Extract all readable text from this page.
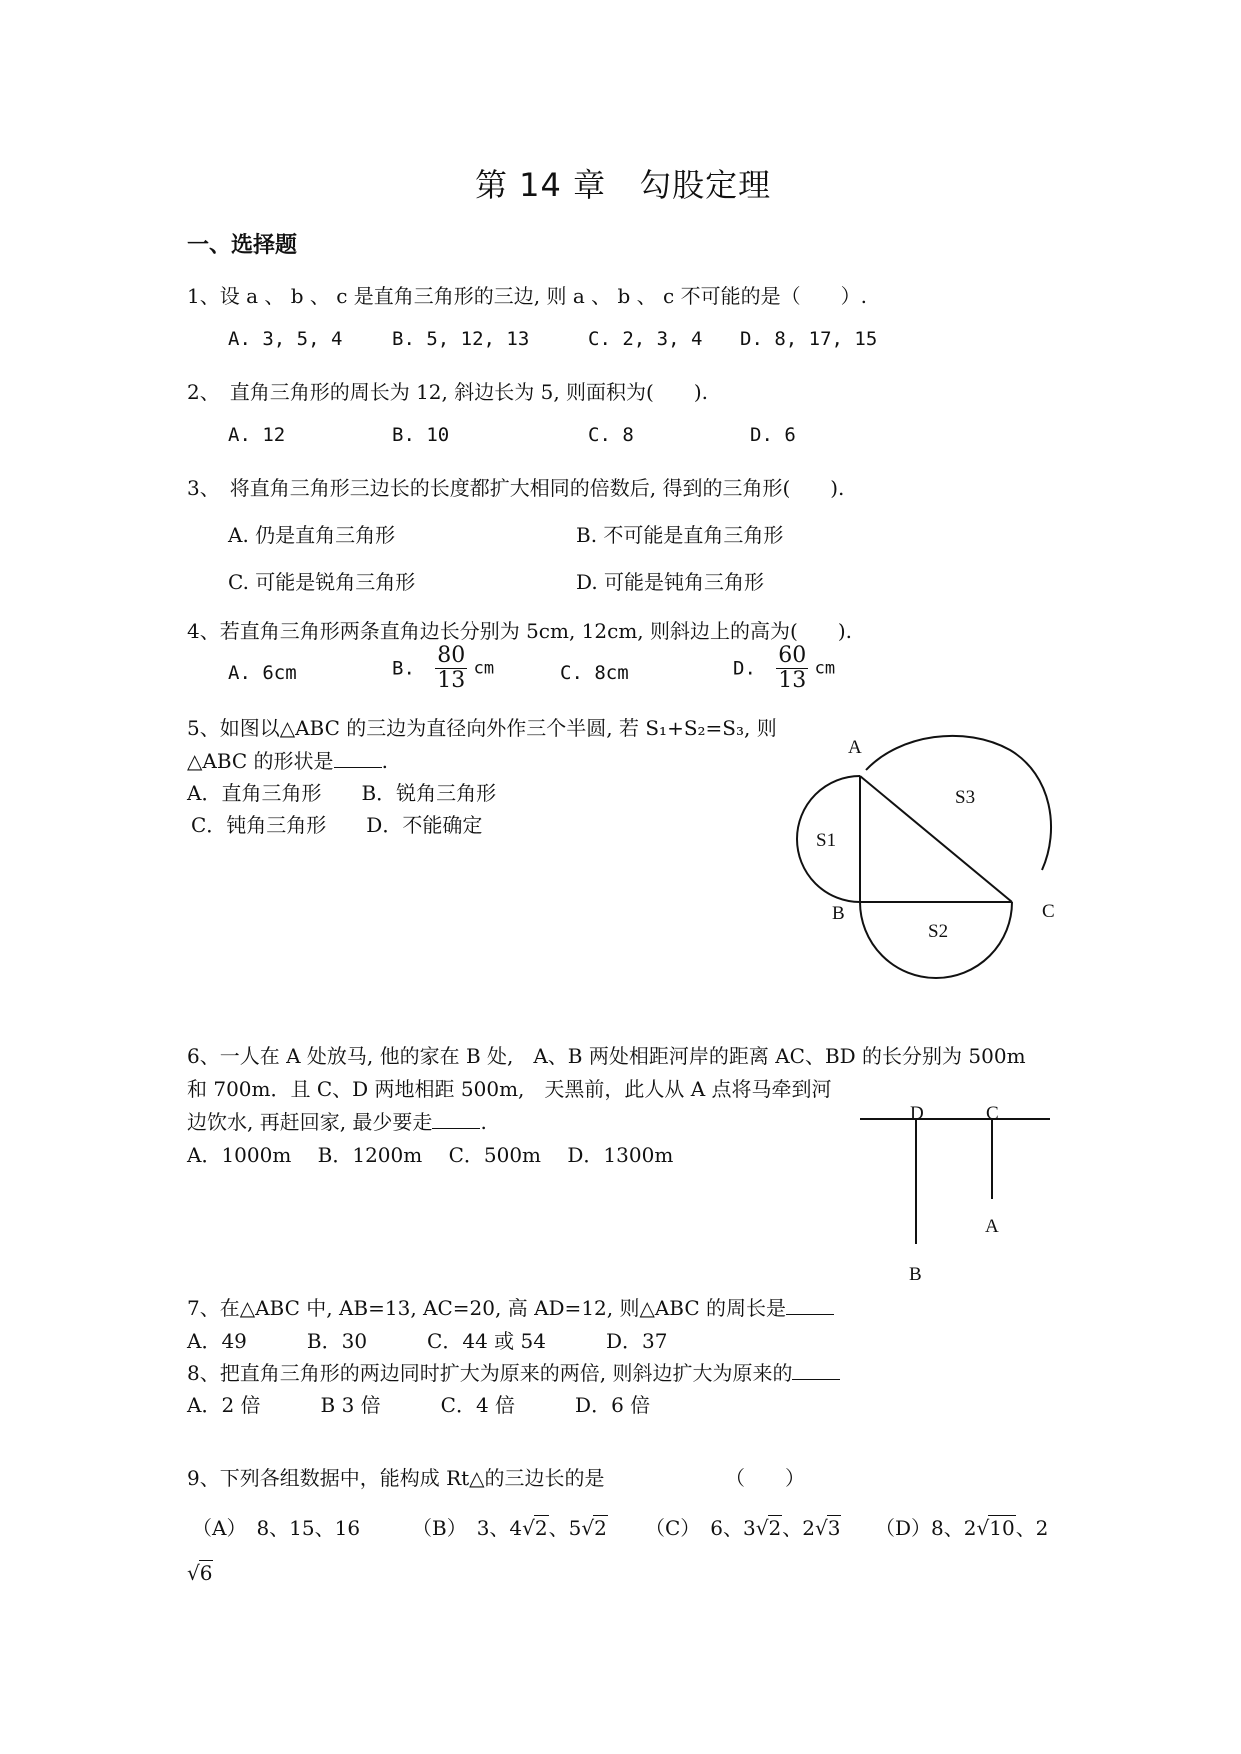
第 14 章　勾股定理
一、选择题
1、设 a 、 b 、 c 是直角三角形的三边, 则 a 、 b 、 c 不可能的是（　　）.
A. 3, 5, 4	B. 5, 12, 13	C. 2, 3, 4 D. 8, 17, 15
2、　直角三角形的周长为 12, 斜边长为 5, 则面积为(　　).
A. 12	B. 10	C. 8	D. 6
3、　将直角三角形三边长的长度都扩大相同的倍数后, 得到的三角形(　　).
A. 仍是直角三角形	B. 不可能是直角三角形
C. 可能是锐角三角形	D. 可能是钝角三角形
4、若直角三角形两条直角边长分别为 5cm, 12cm, 则斜边上的高为(　　).
A. 6cm	B. $\frac{80}{13}$ cm	C. 8cm	D. $\frac{60}{13}$ cm
5、如图以△ABC 的三边为直径向外作三个半圆, 若 S₁+S₂=S₃, 则
△ABC 的形状是 .
A．直角三角形　　B．锐角三角形
C．钝角三角形　　D．不能确定
A
B	C
S1
S2
S3
6、一人在 A 处放马, 他的家在 B 处,　A、B 两处相距河岸的距离 AC、BD 的长分别为 500m
和 700m．且 C、D 两地相距 500m,　天黑前，此人从 A 点将马牵到河
边饮水, 再赶回家, 最少要走 .
A．1000m　 B．1200m　 C．500m　 D．1300m
D	C
A
B
7、在△ABC 中, AB=13, AC=20, 高 AD=12, 则△ABC 的周长是
A．49　　　B．30　　　C．44 或 54　　　D．37
8、把直角三角形的两边同时扩大为原来的两倍, 则斜边扩大为原来的
A．2 倍　　　B 3 倍　　　C．4 倍　　　D．6 倍
9、下列各组数据中，能构成 Rt△的三边长的是	（　　）
（A）　8、15、16	（B）　3、4√2、5√2 （C）　6、3√2、2√3 （D）8、2√10、2
√6
